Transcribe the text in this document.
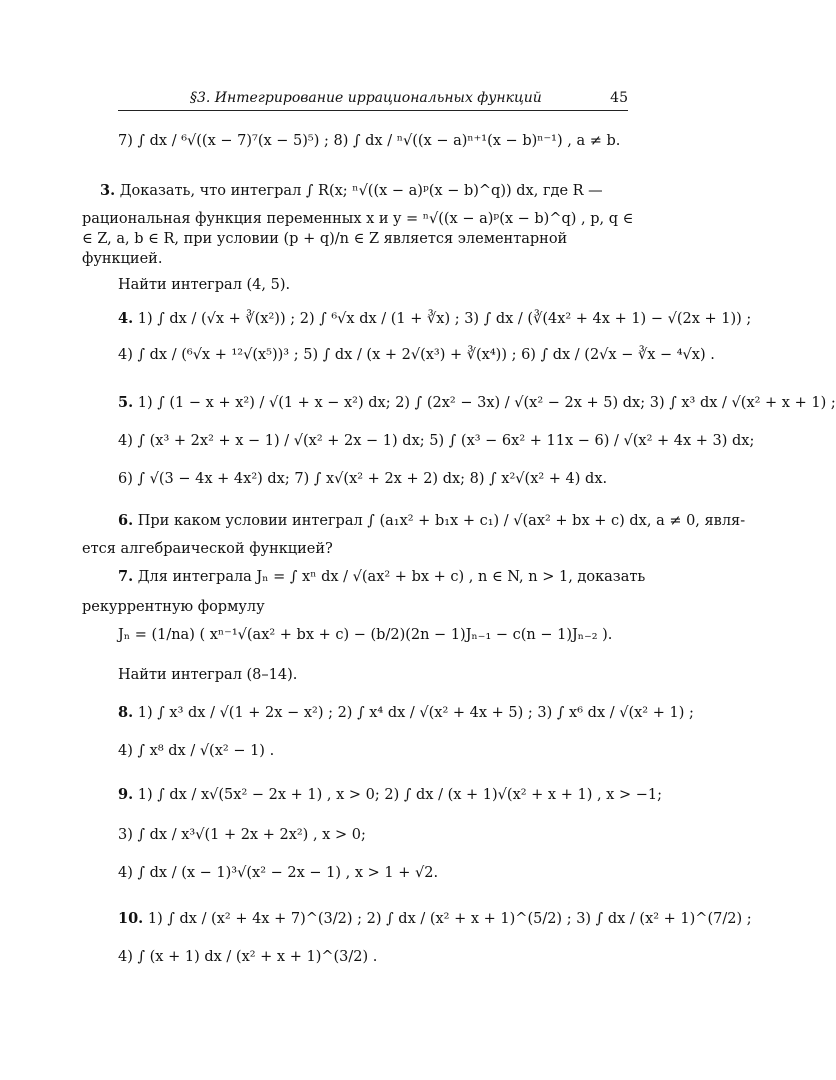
§3. Интегрирование иррациональных функций	45
7) ∫ dx / ⁶√((x − 7)⁷(x − 5)⁵) ; 8) ∫ dx / ⁿ√((x − a)ⁿ⁺¹(x − b)ⁿ⁻¹) , a ≠ b.
3. Доказать, что интеграл ∫ R(x; ⁿ√((x − a)ᵖ(x − b)^q)) dx, где R —
рациональная функция переменных x и y = ⁿ√((x − a)ᵖ(x − b)^q) , p, q ∈
∈ Z, a, b ∈ R, при условии (p + q)/n ∈ Z является элементарной
функцией.
Найти интеграл (4, 5).
4. 1) ∫ dx / (√x + ∛(x²)) ; 2) ∫ ⁶√x dx / (1 + ∛x) ; 3) ∫ dx / (∛(4x² + 4x + 1) − √(2x + 1)) ;
4) ∫ dx / (⁶√x + ¹²√(x⁵))³ ; 5) ∫ dx / (x + 2√(x³) + ∛(x⁴)) ; 6) ∫ dx / (2√x − ∛x − ⁴√x) .
5. 1) ∫ (1 − x + x²) / √(1 + x − x²) dx; 2) ∫ (2x² − 3x) / √(x² − 2x + 5) dx; 3) ∫ x³ dx / √(x² + x + 1) ;
4) ∫ (x³ + 2x² + x − 1) / √(x² + 2x − 1) dx; 5) ∫ (x³ − 6x² + 11x − 6) / √(x² + 4x + 3) dx;
6) ∫ √(3 − 4x + 4x²) dx; 7) ∫ x√(x² + 2x + 2) dx; 8) ∫ x²√(x² + 4) dx.
6. При каком условии интеграл ∫ (a₁x² + b₁x + c₁) / √(ax² + bx + c) dx, a ≠ 0, явля-
ется алгебраической функцией?
7. Для интеграла Jₙ = ∫ xⁿ dx / √(ax² + bx + c) , n ∈ N, n > 1, доказать
рекуррентную формулу
Jₙ = (1/na) ( xⁿ⁻¹√(ax² + bx + c) − (b/2)(2n − 1)Jₙ₋₁ − c(n − 1)Jₙ₋₂ ).
Найти интеграл (8–14).
8. 1) ∫ x³ dx / √(1 + 2x − x²) ; 2) ∫ x⁴ dx / √(x² + 4x + 5) ; 3) ∫ x⁶ dx / √(x² + 1) ;
4) ∫ x⁸ dx / √(x² − 1) .
9. 1) ∫ dx / x√(5x² − 2x + 1) , x > 0; 2) ∫ dx / (x + 1)√(x² + x + 1) , x > −1;
3) ∫ dx / x³√(1 + 2x + 2x²) , x > 0;
4) ∫ dx / (x − 1)³√(x² − 2x − 1) , x > 1 + √2.
10. 1) ∫ dx / (x² + 4x + 7)^(3/2) ; 2) ∫ dx / (x² + x + 1)^(5/2) ; 3) ∫ dx / (x² + 1)^(7/2) ;
4) ∫ (x + 1) dx / (x² + x + 1)^(3/2) .
